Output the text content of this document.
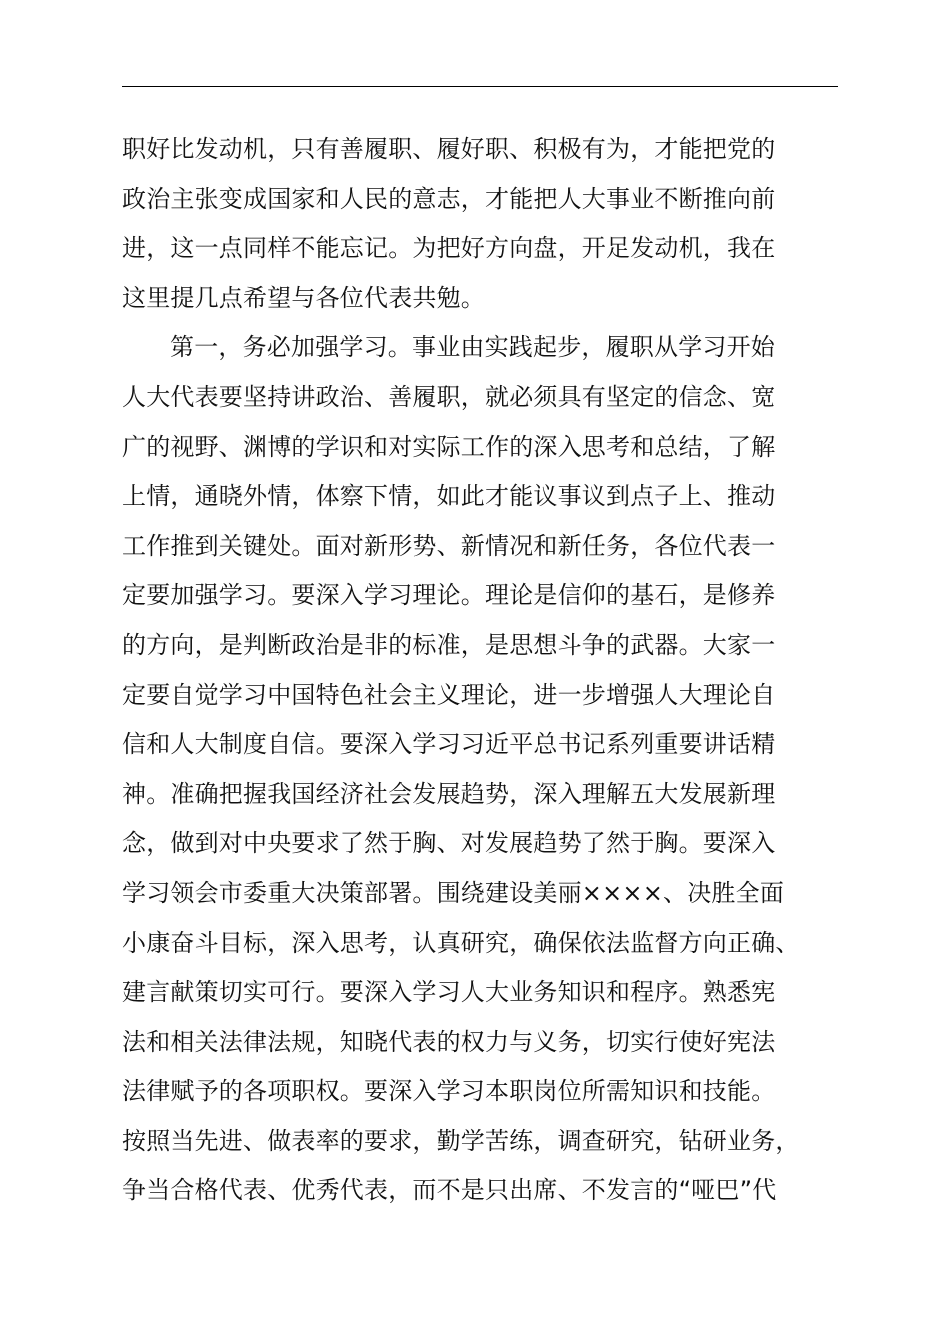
职好比发动机，只有善履职、履好职、积极有为，才能把党的
政治主张变成国家和人民的意志，才能把人大事业不断推向前
进，这一点同样不能忘记。为把好方向盘，开足发动机，我在
这里提几点希望与各位代表共勉。
第一，务必加强学习。事业由实践起步，履职从学习开始
人大代表要坚持讲政治、善履职，就必须具有坚定的信念、宽
广的视野、渊博的学识和对实际工作的深入思考和总结，了解
上情，通晓外情，体察下情，如此才能议事议到点子上、推动
工作推到关键处。面对新形势、新情况和新任务，各位代表一
定要加强学习。要深入学习理论。理论是信仰的基石，是修养
的方向，是判断政治是非的标准，是思想斗争的武器。大家一
定要自觉学习中国特色社会主义理论，进一步增强人大理论自
信和人大制度自信。要深入学习习近平总书记系列重要讲话精
神。准确把握我国经济社会发展趋势，深入理解五大发展新理
念，做到对中央要求了然于胸、对发展趋势了然于胸。要深入
学习领会市委重大决策部署。围绕建设美丽××××、决胜全面
小康奋斗目标，深入思考，认真研究，确保依法监督方向正确、
建言献策切实可行。要深入学习人大业务知识和程序。熟悉宪
法和相关法律法规，知晓代表的权力与义务，切实行使好宪法
法律赋予的各项职权。要深入学习本职岗位所需知识和技能。
按照当先进、做表率的要求，勤学苦练，调查研究，钻研业务，
争当合格代表、优秀代表，而不是只出席、不发言的“哑巴”代
